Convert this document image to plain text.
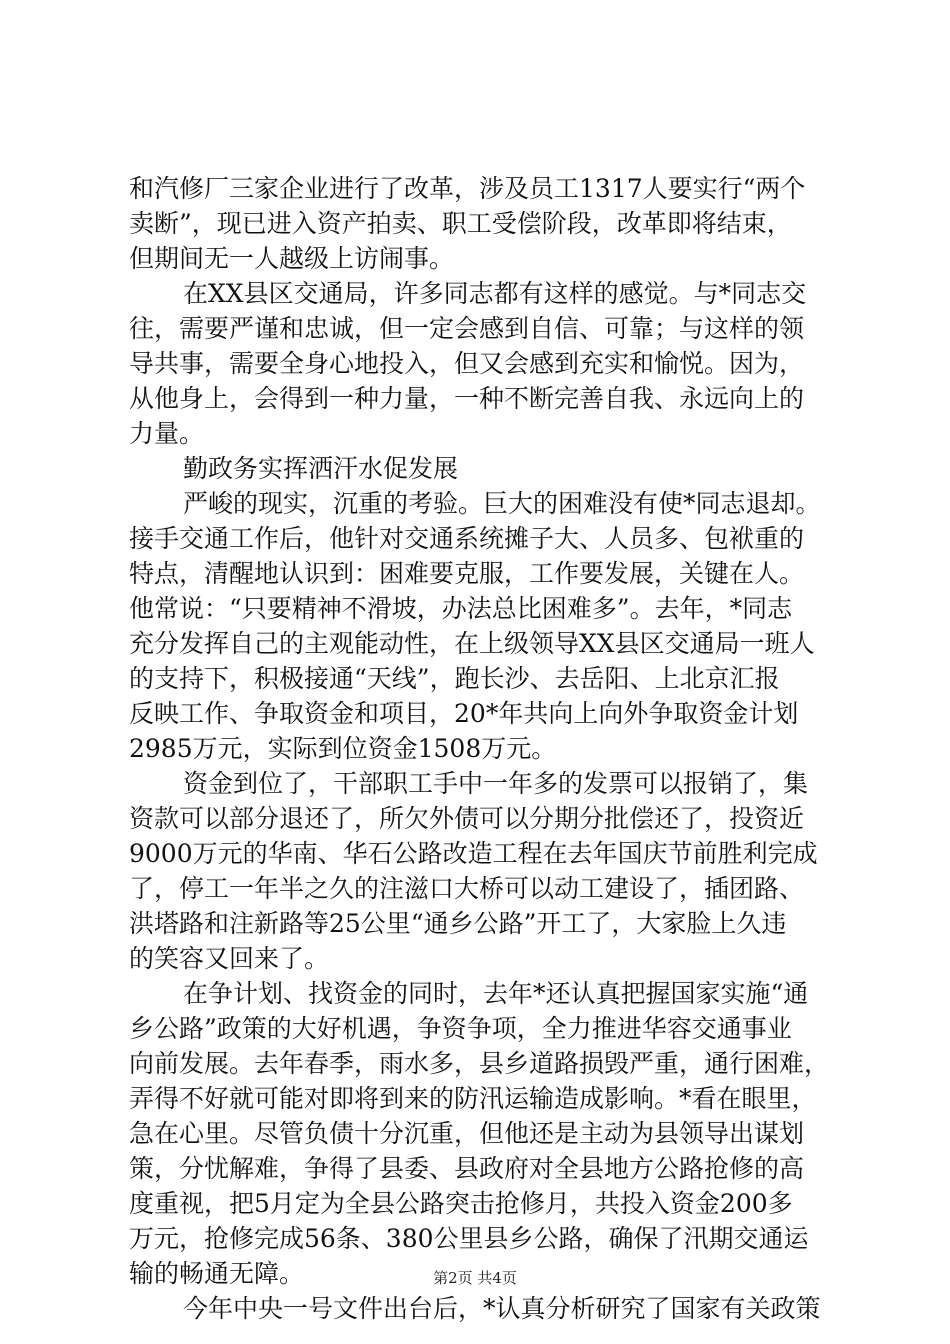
和汽修厂三家企业进行了改革，涉及员工1317人要实行“两个
卖断”，现已进入资产拍卖、职工受偿阶段，改革即将结束，
但期间无一人越级上访闹事。
在XX县区交通局，许多同志都有这样的感觉。与*同志交
往，需要严谨和忠诚，但一定会感到自信、可靠；与这样的领
导共事，需要全身心地投入，但又会感到充实和愉悦。因为，
从他身上，会得到一种力量，一种不断完善自我、永远向上的
力量。
勤政务实挥洒汗水促发展
严峻的现实，沉重的考验。巨大的困难没有使*同志退却。
接手交通工作后，他针对交通系统摊子大、人员多、包袱重的
特点，清醒地认识到：困难要克服，工作要发展，关键在人。
他常说：“只要精神不滑坡，办法总比困难多”。去年，*同志
充分发挥自己的主观能动性，在上级领导XX县区交通局一班人
的支持下，积极接通“天线”，跑长沙、去岳阳、上北京汇报
反映工作、争取资金和项目，20*年共向上向外争取资金计划
2985万元，实际到位资金1508万元。
资金到位了，干部职工手中一年多的发票可以报销了，集
资款可以部分退还了，所欠外债可以分期分批偿还了，投资近
9000万元的华南、华石公路改造工程在去年国庆节前胜利完成
了，停工一年半之久的注滋口大桥可以动工建设了，插团路、
洪塔路和注新路等25公里“通乡公路”开工了，大家脸上久违
的笑容又回来了。
在争计划、找资金的同时，去年*还认真把握国家实施“通
乡公路”政策的大好机遇，争资争项，全力推进华容交通事业
向前发展。去年春季，雨水多，县乡道路损毁严重，通行困难，
弄得不好就可能对即将到来的防汛运输造成影响。*看在眼里，
急在心里。尽管负债十分沉重，但他还是主动为县领导出谋划
策，分忧解难，争得了县委、县政府对全县地方公路抢修的高
度重视，把5月定为全县公路突击抢修月，共投入资金200多
万元，抢修完成56条、380公里县乡公路，确保了汛期交通运
输的畅通无障。
今年中央一号文件出台后，*认真分析研究了国家有关政策
第2页 共4页
